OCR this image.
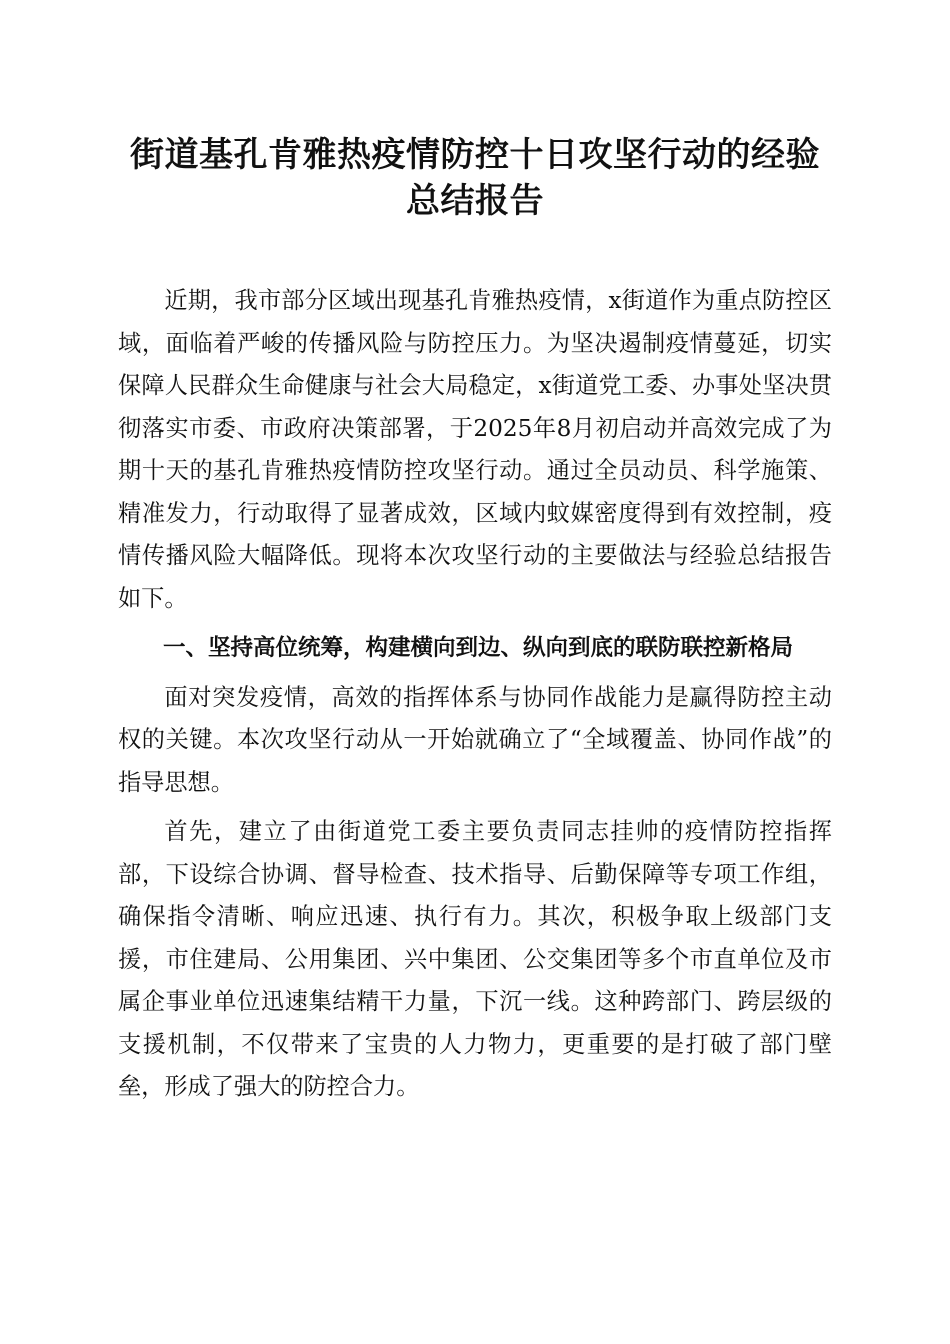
街道基孔肯雅热疫情防控十日攻坚行动的经验
总结报告

近期，我市部分区域出现基孔肯雅热疫情，x街道作为重点防控区域，面临着严峻的传播风险与防控压力。为坚决遏制疫情蔓延，切实保障人民群众生命健康与社会大局稳定，x街道党工委、办事处坚决贯彻落实市委、市政府决策部署，于2025年8月初启动并高效完成了为期十天的基孔肯雅热疫情防控攻坚行动。通过全员动员、科学施策、精准发力，行动取得了显著成效，区域内蚊媒密度得到有效控制，疫情传播风险大幅降低。现将本次攻坚行动的主要做法与经验总结报告如下。

一、坚持高位统筹，构建横向到边、纵向到底的联防联控新格局

面对突发疫情，高效的指挥体系与协同作战能力是赢得防控主动权的关键。本次攻坚行动从一开始就确立了“全域覆盖、协同作战”的指导思想。

首先，建立了由街道党工委主要负责同志挂帅的疫情防控指挥部，下设综合协调、督导检查、技术指导、后勤保障等专项工作组，确保指令清晰、响应迅速、执行有力。其次，积极争取上级部门支援，市住建局、公用集团、兴中集团、公交集团等多个市直单位及市属企事业单位迅速集结精干力量，下沉一线。这种跨部门、跨层级的支援机制，不仅带来了宝贵的人力物力，更重要的是打破了部门壁垒，形成了强大的防控合力。
